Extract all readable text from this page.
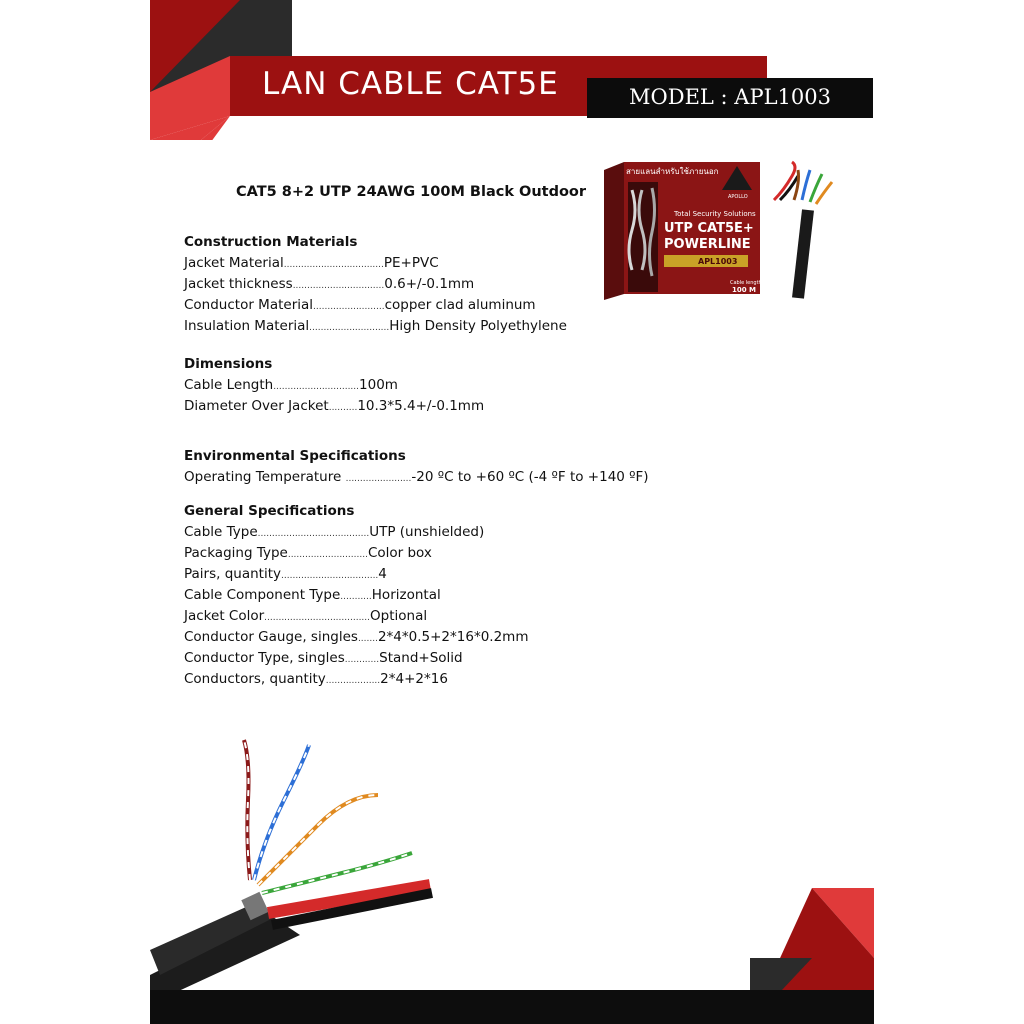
LAN CABLE CAT5E	MODEL : APL1003
CAT5 8+2 UTP 24AWG 100M Black Outdoor
สายแลนสำหรับใช้ภายนอก
APOLLO
Total Security Solutions
UTP CAT5E+
POWERLINE
APL1003
Cable length
100 M
Construction Materials
Jacket Material...................................PE+PVC
Jacket thickness................................0.6+/-0.1mm
Conductor Material.........................copper clad aluminum
Insulation Material............................High Density Polyethylene
Dimensions
Cable Length..............................100m
Diameter Over Jacket..........10.3*5.4+/-0.1mm
Environmental Specifications
Operating Temperature .......................-20 ºC to +60 ºC (-4 ºF to +140 ºF)
General Specifications
Cable Type.......................................UTP (unshielded)
Packaging Type............................Color box
Pairs, quantity..................................4
Cable Component Type...........Horizontal
Jacket Color.....................................Optional
Conductor Gauge, singles.......2*4*0.5+2*16*0.2mm
Conductor Type, singles............Stand+Solid
Conductors, quantity...................2*4+2*16
